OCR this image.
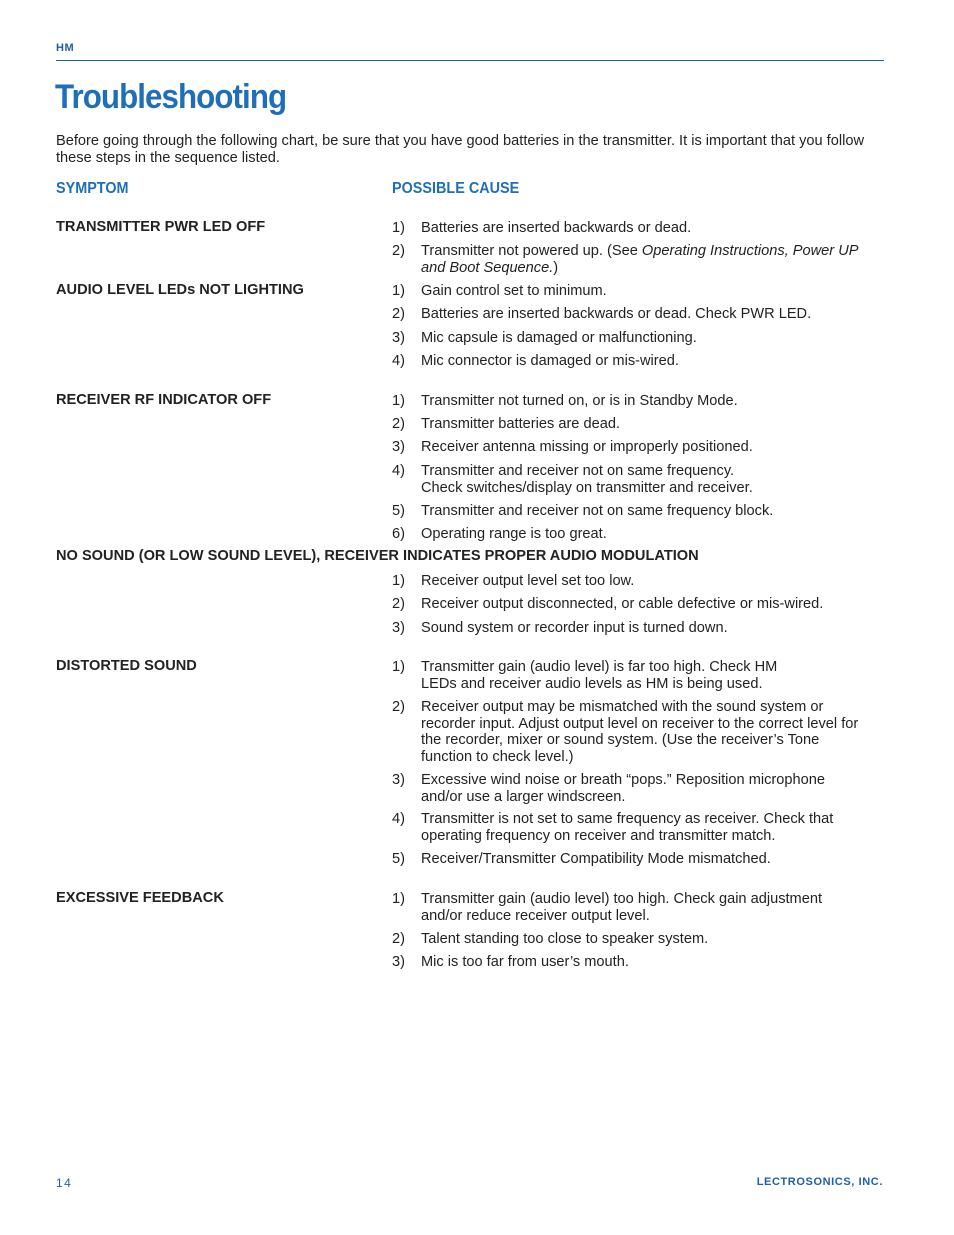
HM
Troubleshooting

Before going through the following chart, be sure that you have good batteries in the transmitter. It is important that you follow these steps in the sequence listed.

SYMPTOM	POSSIBLE CAUSE
TRANSMITTER PWR LED OFF	1) Batteries are inserted backwards or dead.
2) Transmitter not powered up. (See Operating Instructions, Power UP and Boot Sequence.)
AUDIO LEVEL LEDs NOT LIGHTING	1) Gain control set to minimum.
2) Batteries are inserted backwards or dead. Check PWR LED.
3) Mic capsule is damaged or malfunctioning.
4) Mic connector is damaged or mis-wired.
RECEIVER RF INDICATOR OFF	1) Transmitter not turned on, or is in Standby Mode.
2) Transmitter batteries are dead.
3) Receiver antenna missing or improperly positioned.
4) Transmitter and receiver not on same frequency.
Check switches/display on transmitter and receiver.
5) Transmitter and receiver not on same frequency block.
6) Operating range is too great.
NO SOUND (OR LOW SOUND LEVEL), RECEIVER INDICATES PROPER AUDIO MODULATION
1) Receiver output level set too low.
2) Receiver output disconnected, or cable defective or mis-wired.
3) Sound system or recorder input is turned down.
DISTORTED SOUND	1) Transmitter gain (audio level) is far too high. Check HM LEDs and receiver audio levels as HM is being used.
2) Receiver output may be mismatched with the sound system or recorder input. Adjust output level on receiver to the correct level for the recorder, mixer or sound system. (Use the receiver’s Tone function to check level.)
3) Excessive wind noise or breath “pops.” Reposition microphone and/or use a larger windscreen.
4) Transmitter is not set to same frequency as receiver. Check that operating frequency on receiver and transmitter match.
5) Receiver/Transmitter Compatibility Mode mismatched.
EXCESSIVE FEEDBACK	1) Transmitter gain (audio level) too high. Check gain adjustment and/or reduce receiver output level.
2) Talent standing too close to speaker system.
3) Mic is too far from user’s mouth.
14	LECTROSONICS, INC.
